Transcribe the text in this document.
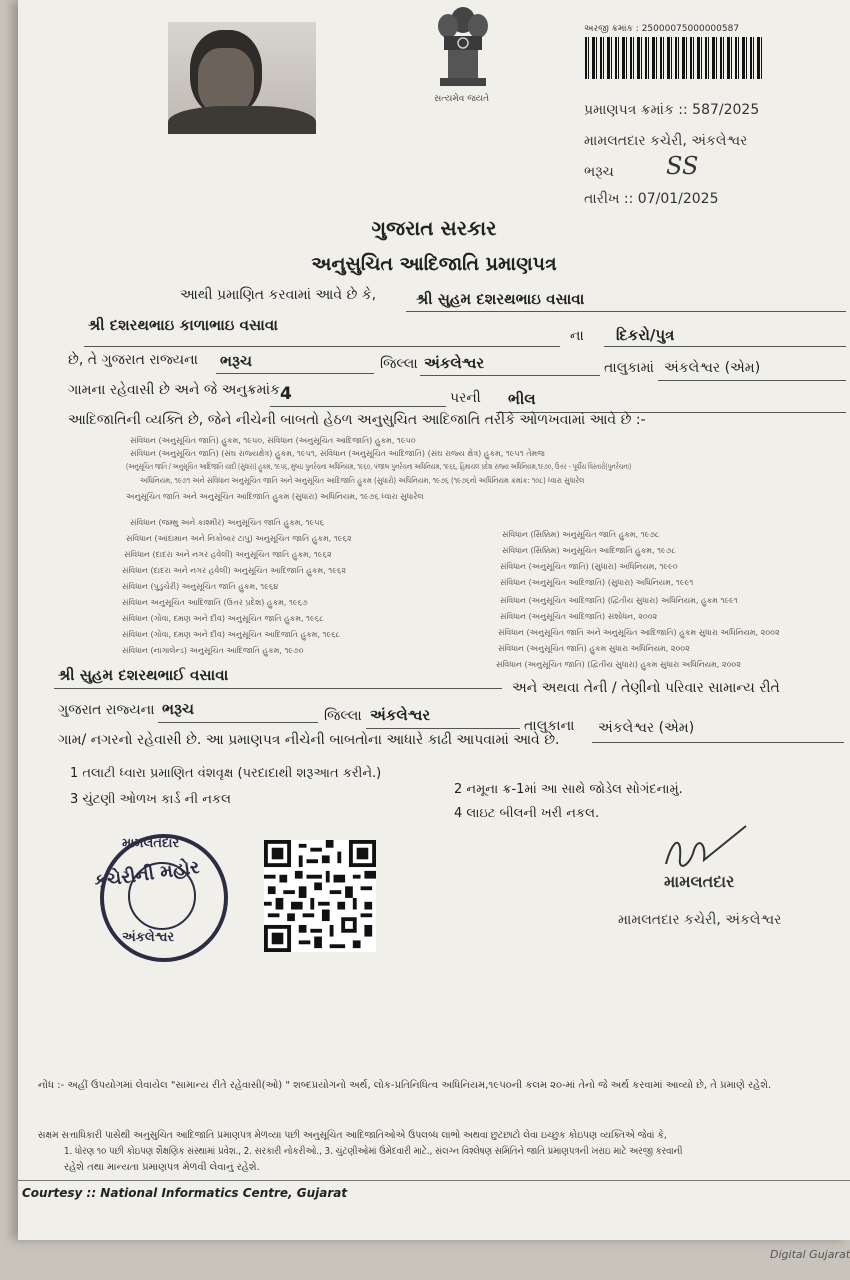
સત્યમેવ જયતે
અરજી ક્રમાંક : 25000075000000587
પ્રમાણપત્ર ક્રમાંક :: 587/2025
મામલતદાર કચેરી, અંકલેશ્વર
ભરૂચ SS
તારીખ :: 07/01/2025
ગુજરાત સરકાર
અનુસુચિત આદિજાતિ પ્રમાણપત્ર
આથી પ્રમાણિત કરવામાં આવે છે કે,	શ્રી સુહમ દશરથભાઇ વસાવા
શ્રી દશરથભાઇ કાળાભાઇ વસાવા
ના દિકરો/પુત્ર
છે, તે ગુજરાત રાજ્યના ભરૂચ	જિલ્લા અંકલેશ્વર	તાલુકામાં અંકલેશ્વર (એમ)
ગામના રહેવાસી છે અને જે અનુક્રમાંક 4	પરની ભીલ
આદિજાતિની વ્યક્તિ છે, જેને નીચેની બાબતો હેઠળ અનુસુચિત આદિજાતિ તરીકે ઓળખવામાં આવે છે :-
સંવિધાન (અનુસૂચિત જાતિ) હુકમ, ૧૯૫૦, સંવિધાન (અનુસૂચિત આદિજાતિ) હુકમ, ૧૯૫૦
સંવિધાન (અનુસૂચિત જાતિ) (સંઘ રાજ્યક્ષેત્ર) હુકમ, ૧૯૫૧, સંવિધાન (અનુસૂચિત આદિજાતિ) (સંઘ રાજ્ય ક્ષેત્ર) હુકમ, ૧૯૫૧ તેમજ
(અનુસૂચિત જાતિ / અનુસૂચિત આદિજાતિ યાદી (સુધારા) હુકમ, ૧૯૫૬, મુંબઇ પુનર્રચના અધિનિયમ, ૧૯૬૦, પંજાબ પુનર્રચના અધિનિયમ, ૧૯૬૬, હિમાચલ પ્રદેશ રાજ્ય અધિનિયમ,૧૯૭૦, ઉત્તર - પૂર્વીય વિસ્તારો(પુનર્રચના)
અધિનિયમ, ૧૯૭૧ અને સંવિધાન અનુસૂચિત જાતિ અને અનુસૂચિત આદિજાતિ હુકમ (સુધારો) અધિનિયમ, ૧૯૭૬ (૧૯૭૬નો અધિનિયમ ક્રમાંક: ૧૦૮) ધ્વારા સુધારેલ
અનુસૂચિત જાતિ અને અનુસૂચિત આદિજાતિ હુકમ (સુધારા) અધિનિયમ, ૧૯૭૬ ધ્વારા સુધારેલ
સંવિધાન (જમ્મુ અને કાશ્મીર) અનુસૂચિત જાતિ હુકમ, ૧૯૫૬
સંવિધાન (આંદામાન અને નિકોબાર ટાપુ) અનુસૂચિત જાતિ હુકમ, ૧૯૬૨
સંવિધાન (દાદરા અને નગર હવેલી) અનુસૂચિત જાતિ હુકમ, ૧૯૬૨
સંવિધાન (દાદરા અને નગર હવેલી) અનુસૂચિત આદિજાતિ હુકમ, ૧૯૬૨
સંવિધાન (પુડુચેરી) અનુસૂચિત જાતિ હુકમ, ૧૯૬૪
સંવિધાન અનુસૂચિત આદિજાતિ (ઉત્તર પ્રદેશ) હુકમ, ૧૯૬૭
સંવિધાન (ગોવા, દમણ અને દીવ) અનુસૂચિત જાતિ હુકમ, ૧૯૬૮
સંવિધાન (ગોવા, દમણ અને દીવ) અનુસૂચિત આદિજાતિ હુકમ, ૧૯૬૮
સંવિધાન (નાગાલેન્ડ) અનુસૂચિત આદિજાતિ હુકમ, ૧૯૭૦
સંવિધાન (સિક્કિમ) અનુસૂચિત જાતિ હુકમ, ૧૯૭૮
સંવિધાન (સિક્કિમ) અનુસૂચિત આદિજાતિ હુકમ, ૧૯૭૮
સંવિધાન (અનુસૂચિત જાતિ) (સુધારા) અધિનિયમ, ૧૯૯૦
સંવિધાન (અનુસૂચિત આદિજાતિ) (સુધારા) અધિનિયમ, ૧૯૯૧
સંવિધાન (અનુસૂચિત આદિજાતિ) (દ્વિતીય સુધારા) અધિનિયમ, હુકમ ૧૯૯૧
સંવિધાન (અનુસૂચિત આદિજાતિ) સંશોધન, ૨૦૦૨
સંવિધાન (અનુસૂચિત જાતિ અને અનુસૂચિત આદિજાતિ) હુકમ સુધારા અધિનિયમ, ૨૦૦૨
સંવિધાન (અનુસૂચિત જાતિ) હુકમ સુધારા અધિનિયમ, ૨૦૦૨
સંવિધાન (અનુસૂચિત જાતિ) (દ્વિતીય સુધારા) હુકમ સુધારા અધિનિયમ, ૨૦૦૨
શ્રી સુહમ દશરથભાઈ વસાવા
અને અથવા તેની / તેણીનો પરિવાર સામાન્ય રીતે
ગુજરાત રાજ્યના ભરૂચ	જિલ્લા અંકલેશ્વર
તાલુકાના અંકલેશ્વર (એમ)
ગામ/ નગરનો રહેવાસી છે. આ પ્રમાણપત્ર નીચેની બાબતોના આધારે કાઢી આપવામાં આવે છે.
1 તલાટી ધ્વારા પ્રમાણિત વંશવૃક્ષ (પરદાદાથી શરૂઆત કરીને.)
3 ચુંટણી ઓળખ કાર્ડ ની નકલ
2 નમૂના ક્ર-1માં આ સાથે જોડેલ સોગંદનામું.
4 લાઇટ બીલની ખરી નકલ.
મામલતદાર
કચેરીની મહોર
અંકલેશ્વર
મામલતદાર
મામલતદાર કચેરી, અંકલેશ્વર
નોંધ :- અહીં ઉપયોગમાં લેવાયેલ "સામાન્ય રીતે રહેવાસી(ઓ) " શબ્દપ્રયોગનો અર્થ, લોક-પ્રતિનિધિત્વ અધિનિયમ,૧૯૫૦ની કલમ ૨૦-માં તેનો જે અર્થ કરવામાં આવ્યો છે, તે પ્રમાણે રહેશે.
સક્ષમ સત્તાધિકારી પાસેથી અનુસુચિત આદિજાતિ પ્રમાણપત્ર મેળવ્યા પછી અનુસૂચિત આદિજાતિઓએ ઉપલબ્ધ લાભો અથવા છુટછાટો લેવા ઇચ્છુક કોઇપણ વ્યક્તિએ જેવાં કે,
1. ધોરણ ૧૦ પછી કોઇપણ શૈક્ષણિક સંસ્થામાં પ્રવેશ., 2. સરકારી નોકરીઓ., 3. ચુંટણીઓમાં ઉમેદવારી માટે., સંલગ્ન વિશ્લેષણ સમિતિને જાતિ પ્રમાણપત્રની ખરાઇ માટે અરજી કરવાની
રહેશે તથા માન્યતા પ્રમાણપત્ર મેળવી લેવાનું રહેશે.
Courtesy :: National Informatics Centre, Gujarat
Digital Gujarat
